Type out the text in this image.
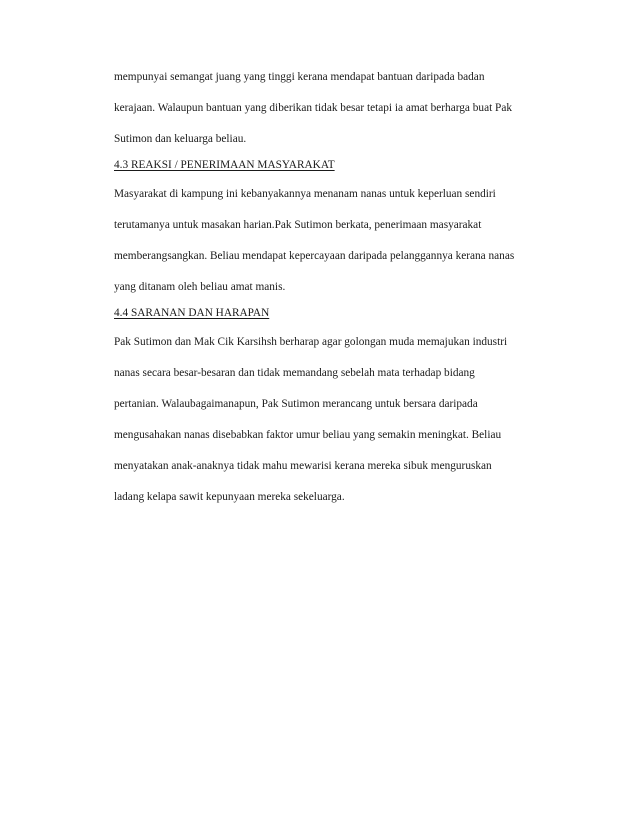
mempunyai semangat juang yang tinggi kerana mendapat bantuan daripada badan
kerajaan. Walaupun bantuan yang diberikan tidak besar tetapi ia amat berharga buat Pak
Sutimon dan keluarga beliau.
4.3 REAKSI / PENERIMAAN MASYARAKAT
Masyarakat di kampung ini kebanyakannya menanam nanas untuk keperluan sendiri
terutamanya untuk masakan harian.Pak Sutimon berkata, penerimaan masyarakat
memberangsangkan. Beliau mendapat kepercayaan daripada pelanggannya kerana nanas
yang ditanam oleh beliau amat manis.
4.4 SARANAN DAN HARAPAN
Pak Sutimon dan Mak Cik Karsihsh berharap agar golongan muda memajukan industri
nanas secara besar-besaran dan tidak memandang sebelah mata terhadap bidang
pertanian. Walaubagaimanapun, Pak Sutimon merancang untuk bersara daripada
mengusahakan nanas disebabkan faktor umur beliau yang semakin meningkat. Beliau
menyatakan anak-anaknya tidak mahu mewarisi kerana mereka sibuk menguruskan
ladang kelapa sawit kepunyaan mereka sekeluarga.
